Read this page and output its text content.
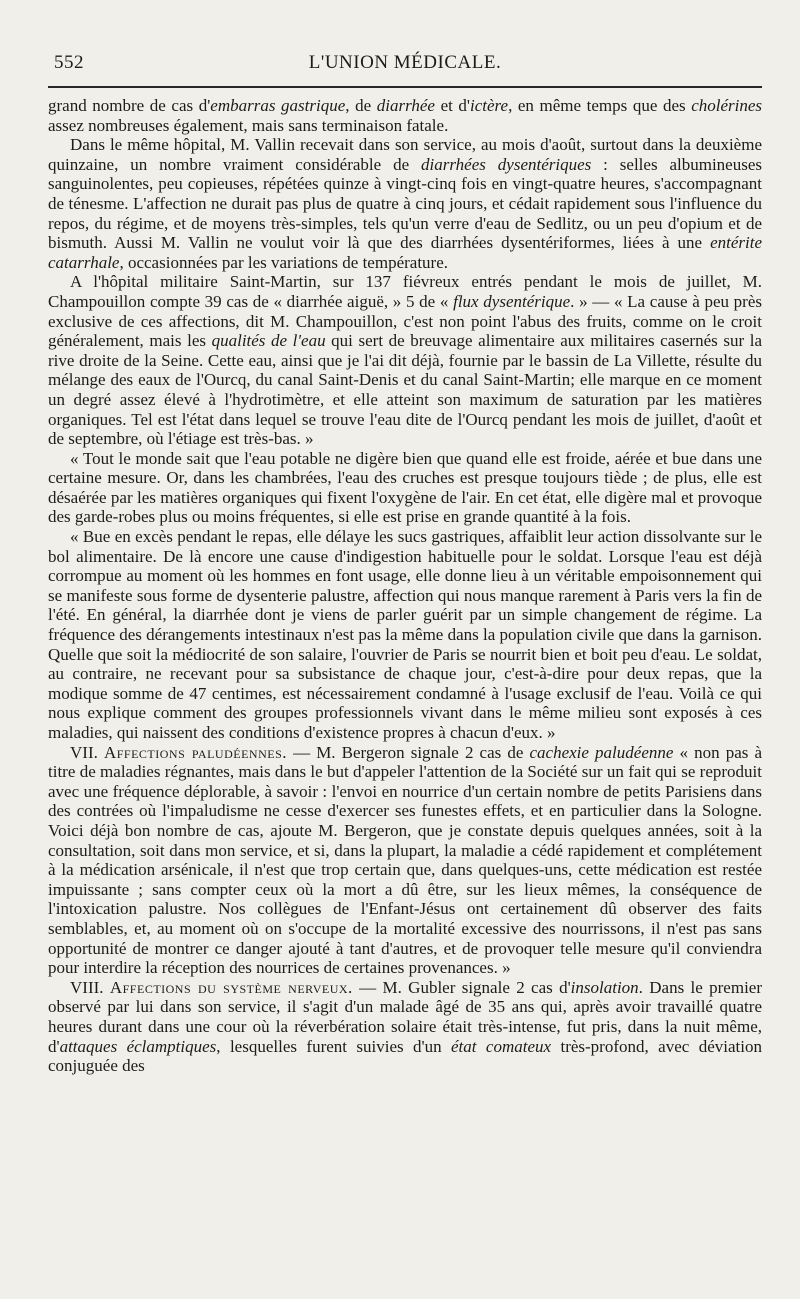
552	L'UNION MÉDICALE.

grand nombre de cas d'embarras gastrique, de diarrhée et d'ictère, en même temps que des cholérines assez nombreuses également, mais sans terminaison fatale.

Dans le même hôpital, M. Vallin recevait dans son service, au mois d'août, surtout dans la deuxième quinzaine, un nombre vraiment considérable de diarrhées dysentériques : selles albumineuses sanguinolentes, peu copieuses, répétées quinze à vingt-cinq fois en vingt-quatre heures, s'accompagnant de ténesme. L'affection ne durait pas plus de quatre à cinq jours, et cédait rapidement sous l'influence du repos, du régime, et de moyens très-simples, tels qu'un verre d'eau de Sedlitz, ou un peu d'opium et de bismuth. Aussi M. Vallin ne voulut voir là que des diarrhées dysentériformes, liées à une entérite catarrhale, occasionnées par les variations de température.

A l'hôpital militaire Saint-Martin, sur 137 fiévreux entrés pendant le mois de juillet, M. Champouillon compte 39 cas de « diarrhée aiguë, » 5 de « flux dysentérique. » — « La cause à peu près exclusive de ces affections, dit M. Champouillon, c'est non point l'abus des fruits, comme on le croit généralement, mais les qualités de l'eau qui sert de breuvage alimentaire aux militaires casernés sur la rive droite de la Seine. Cette eau, ainsi que je l'ai dit déjà, fournie par le bassin de La Villette, résulte du mélange des eaux de l'Ourcq, du canal Saint-Denis et du canal Saint-Martin; elle marque en ce moment un degré assez élevé à l'hydrotimètre, et elle atteint son maximum de saturation par les matières organiques. Tel est l'état dans lequel se trouve l'eau dite de l'Ourcq pendant les mois de juillet, d'août et de septembre, où l'étiage est très-bas. »

« Tout le monde sait que l'eau potable ne digère bien que quand elle est froide, aérée et bue dans une certaine mesure. Or, dans les chambrées, l'eau des cruches est presque toujours tiède ; de plus, elle est désaérée par les matières organiques qui fixent l'oxygène de l'air. En cet état, elle digère mal et provoque des garde-robes plus ou moins fréquentes, si elle est prise en grande quantité à la fois.

« Bue en excès pendant le repas, elle délaye les sucs gastriques, affaiblit leur action dissolvante sur le bol alimentaire. De là encore une cause d'indigestion habituelle pour le soldat. Lorsque l'eau est déjà corrompue au moment où les hommes en font usage, elle donne lieu à un véritable empoisonnement qui se manifeste sous forme de dysenterie palustre, affection qui nous manque rarement à Paris vers la fin de l'été. En général, la diarrhée dont je viens de parler guérit par un simple changement de régime. La fréquence des dérangements intestinaux n'est pas la même dans la population civile que dans la garnison. Quelle que soit la médiocrité de son salaire, l'ouvrier de Paris se nourrit bien et boit peu d'eau. Le soldat, au contraire, ne recevant pour sa subsistance de chaque jour, c'est-à-dire pour deux repas, que la modique somme de 47 centimes, est nécessairement condamné à l'usage exclusif de l'eau. Voilà ce qui nous explique comment des groupes professionnels vivant dans le même milieu sont exposés à ces maladies, qui naissent des conditions d'existence propres à chacun d'eux. »

VII. Affections paludéennes. — M. Bergeron signale 2 cas de cachexie paludéenne « non pas à titre de maladies régnantes, mais dans le but d'appeler l'attention de la Société sur un fait qui se reproduit avec une fréquence déplorable, à savoir : l'envoi en nourrice d'un certain nombre de petits Parisiens dans des contrées où l'impaludisme ne cesse d'exercer ses funestes effets, et en particulier dans la Sologne. Voici déjà bon nombre de cas, ajoute M. Bergeron, que je constate depuis quelques années, soit à la consultation, soit dans mon service, et si, dans la plupart, la maladie a cédé rapidement et complétement à la médication arsénicale, il n'est que trop certain que, dans quelques-uns, cette médication est restée impuissante ; sans compter ceux où la mort a dû être, sur les lieux mêmes, la conséquence de l'intoxication palustre. Nos collègues de l'Enfant-Jésus ont certainement dû observer des faits semblables, et, au moment où on s'occupe de la mortalité excessive des nourrissons, il n'est pas sans opportunité de montrer ce danger ajouté à tant d'autres, et de provoquer telle mesure qu'il conviendra pour interdire la réception des nourrices de certaines provenances. »

VIII. Affections du système nerveux. — M. Gubler signale 2 cas d'insolation. Dans le premier observé par lui dans son service, il s'agit d'un malade âgé de 35 ans qui, après avoir travaillé quatre heures durant dans une cour où la réverbération solaire était très-intense, fut pris, dans la nuit même, d'attaques éclamptiques, lesquelles furent suivies d'un état comateux très-profond, avec déviation conjuguée des
